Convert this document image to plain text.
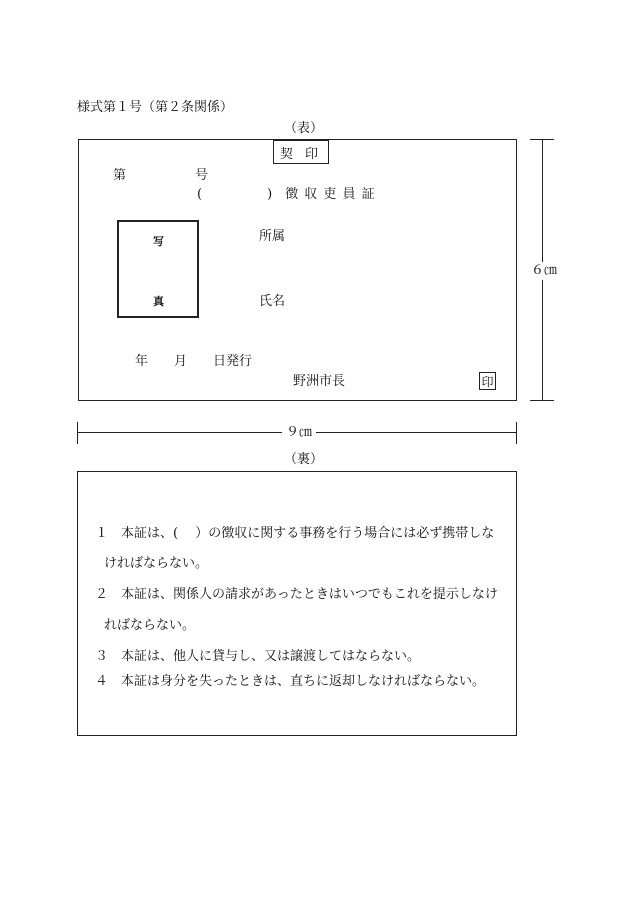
様式第１号（第２条関係）
（表）
契 印
第	号
(　　　　　)　徴 収 吏 員 証
写
真
所属
氏名
年　　月　　日発行
野洲市長	印
６㎝
９㎝
（裏）
１　本証は、(　 ）の徴収に関する事務を行う場合には必ず携帯しな
ければならない。
２　本証は、関係人の請求があったときはいつでもこれを提示しなけ
ればならない。
３　本証は、他人に貸与し、又は譲渡してはならない。
４　本証は身分を失ったときは、直ちに返却しなければならない。
